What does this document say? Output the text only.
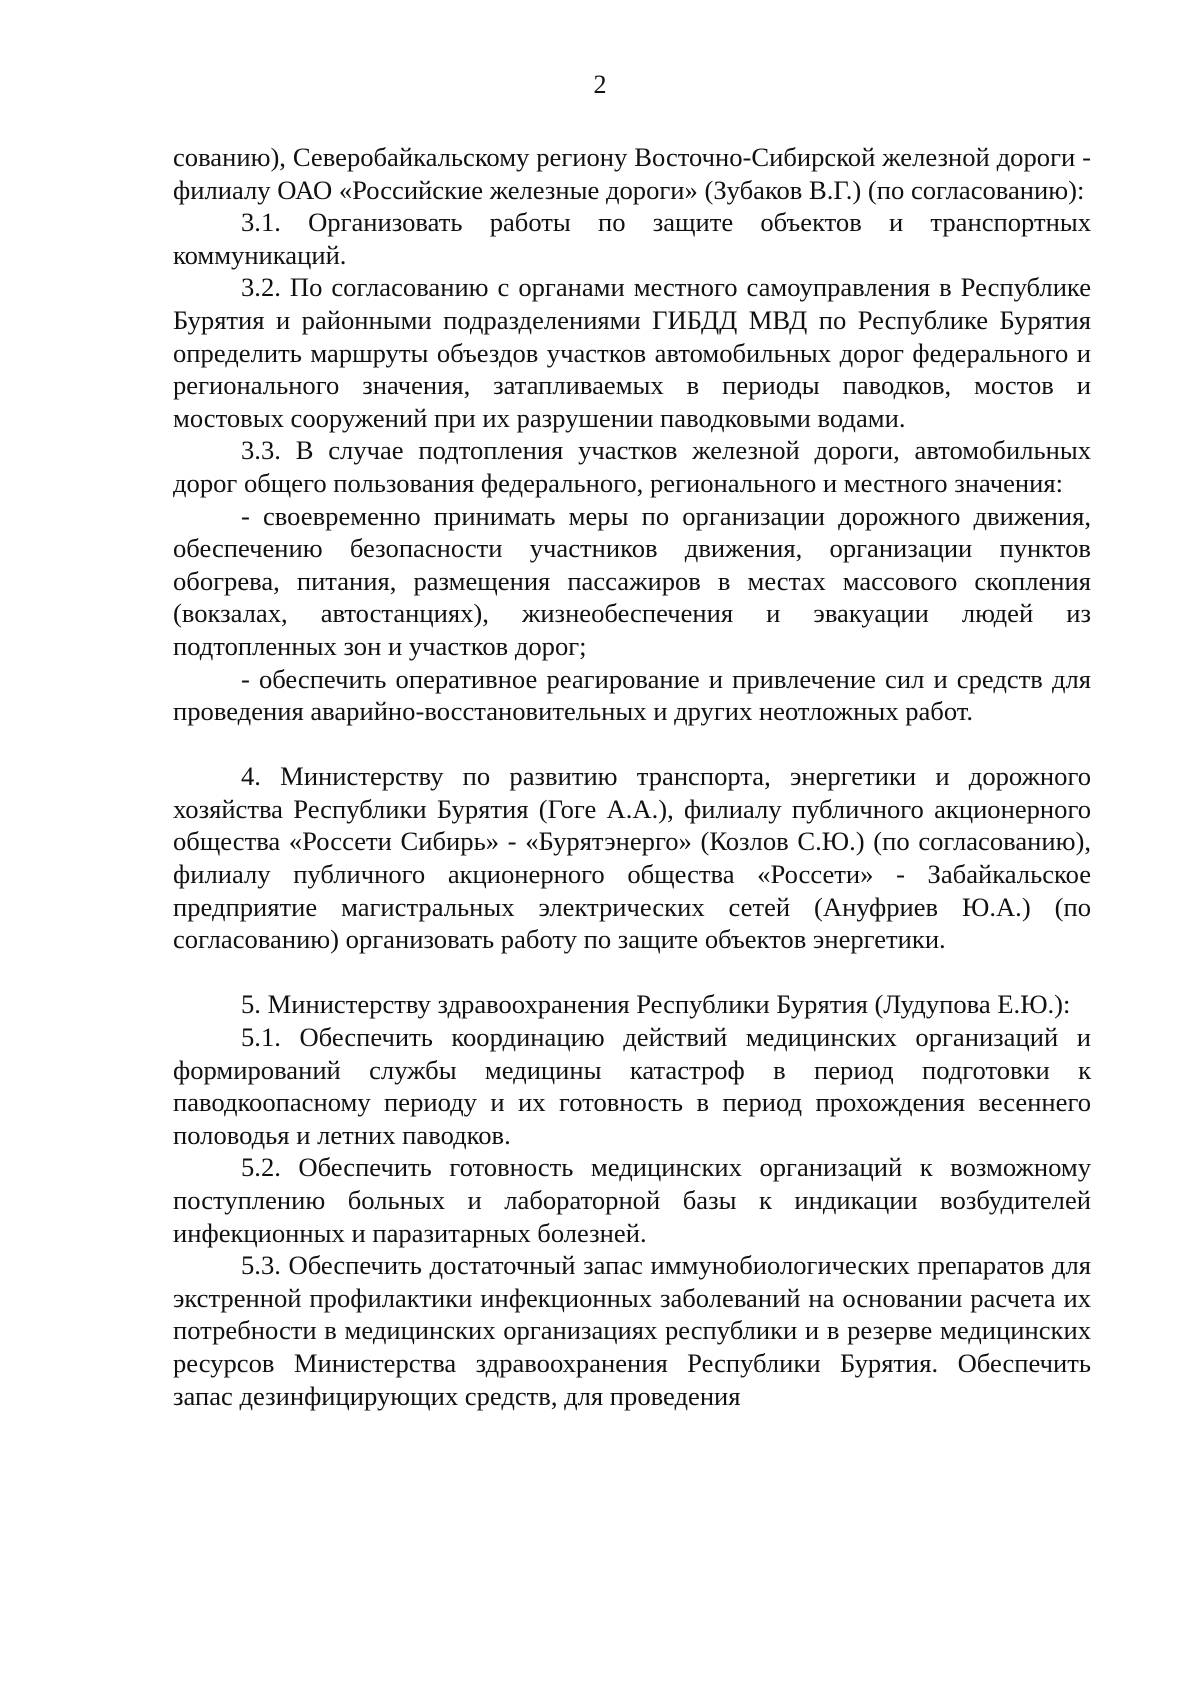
2

сованию), Северобайкальскому региону Восточно-Сибирской железной дороги - филиалу ОАО «Российские железные дороги» (Зубаков В.Г.) (по согласованию):

3.1. Организовать работы по защите объектов и транспортных коммуникаций.

3.2. По согласованию с органами местного самоуправления в Республике Бурятия и районными подразделениями ГИБДД МВД по Республике Бурятия определить маршруты объездов участков автомобильных дорог федерального и регионального значения, затапливаемых в периоды паводков, мостов и мостовых сооружений при их разрушении паводковыми водами.

3.3. В случае подтопления участков железной дороги, автомобильных дорог общего пользования федерального, регионального и местного значения:

- своевременно принимать меры по организации дорожного движения, обеспечению безопасности участников движения, организации пунктов обогрева, питания, размещения пассажиров в местах массового скопления (вокзалах, автостанциях), жизнеобеспечения и эвакуации людей из подтопленных зон и участков дорог;

- обеспечить оперативное реагирование и привлечение сил и средств для проведения аварийно-восстановительных и других неотложных работ.

4. Министерству по развитию транспорта, энергетики и дорожного хозяйства Республики Бурятия (Гоге А.А.), филиалу публичного акционерного общества «Россети Сибирь» - «Бурятэнерго» (Козлов С.Ю.) (по согласованию), филиалу публичного акционерного общества «Россети» - Забайкальское предприятие магистральных электрических сетей (Ануфриев Ю.А.) (по согласованию) организовать работу по защите объектов энергетики.

5. Министерству здравоохранения Республики Бурятия (Лудупова Е.Ю.):

5.1. Обеспечить координацию действий медицинских организаций и формирований службы медицины катастроф в период подготовки к паводкоопасному периоду и их готовность в период прохождения весеннего половодья и летних паводков.

5.2. Обеспечить готовность медицинских организаций к возможному поступлению больных и лабораторной базы к индикации возбудителей инфекционных и паразитарных болезней.

5.3. Обеспечить достаточный запас иммунобиологических препаратов для экстренной профилактики инфекционных заболеваний на основании расчета их потребности в медицинских организациях республики и в резерве медицинских ресурсов Министерства здравоохранения Республики Бурятия. Обеспечить запас дезинфицирующих средств, для проведения
